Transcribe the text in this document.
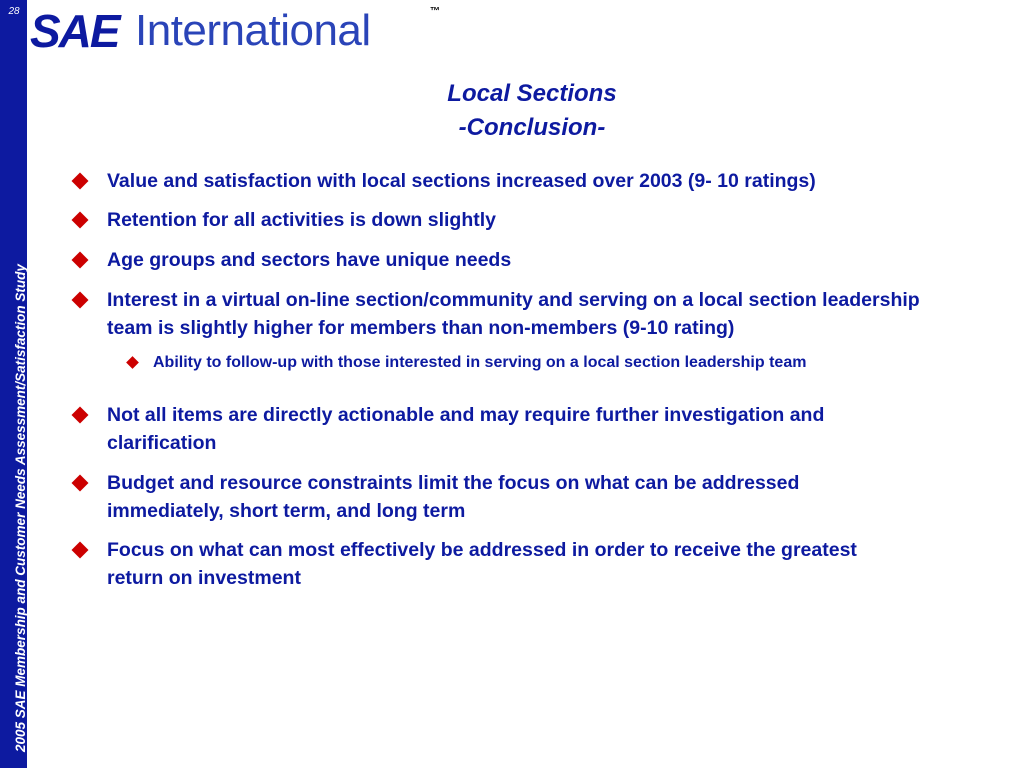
28
2005 SAE Membership and Customer Needs Assessment/Satisfaction Study
SAE International	™
Local Sections
-Conclusion-
Value and satisfaction with local sections increased over 2003 (9- 10 ratings)
Retention for all activities is down slightly
Age groups and sectors have unique needs
Interest in a virtual on-line section/community and serving on a local section leadership team is slightly higher for members than non-members (9-10 rating)
Ability to follow-up with those interested in serving on a local section leadership team
Not all items are directly actionable and may require further investigation and clarification
Budget and resource constraints limit the focus on what can be addressed immediately, short term, and long term
Focus on what can most effectively be addressed in order to receive the greatest return on investment
